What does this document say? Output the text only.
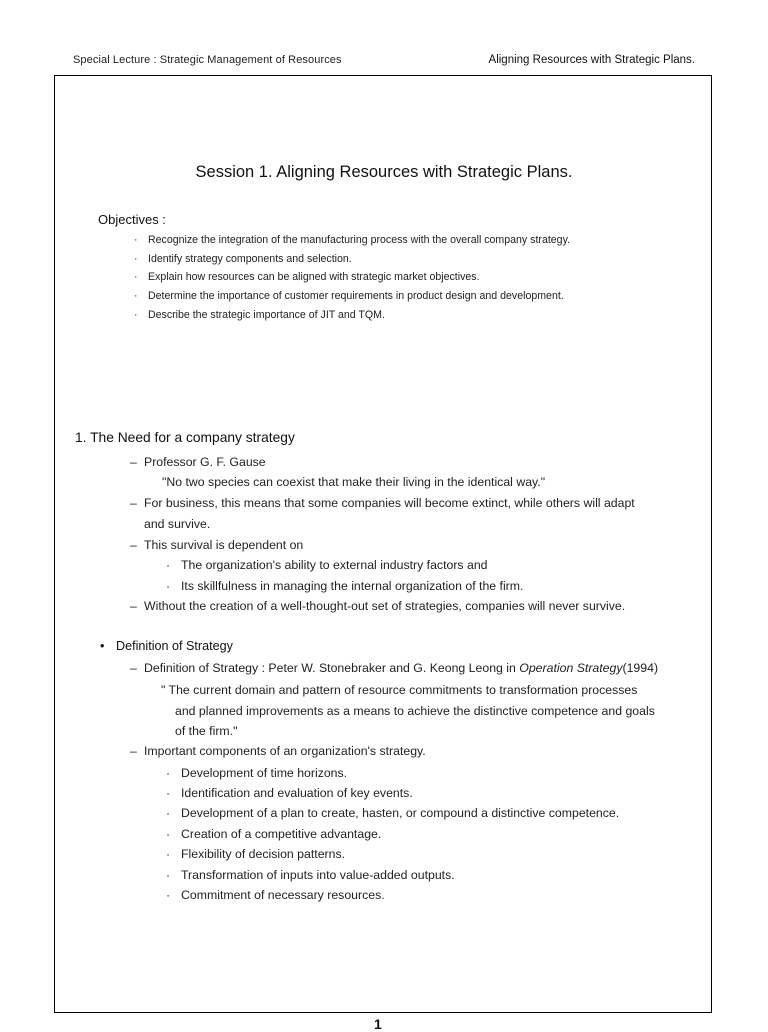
Special Lecture : Strategic Management of Resources	Aligning Resources with Strategic Plans.
Session 1. Aligning Resources with Strategic Plans.
Objectives :
· Recognize the integration of the manufacturing process with the overall company strategy.
· Identify strategy components and selection.
· Explain how resources can be aligned with strategic market objectives.
· Determine the importance of customer requirements in product design and development.
· Describe the strategic importance of JIT and TQM.
1. The Need for a company strategy
– Professor G. F. Gause
"No two species can coexist that make their living in the identical way."
– For business, this means that some companies will become extinct, while others will adapt
and survive.
– This survival is dependent on
· The organization's ability to external industry factors and
· Its skillfulness in managing the internal organization of the firm.
– Without the creation of a well-thought-out set of strategies, companies will never survive.
• Definition of Strategy
– Definition of Strategy : Peter W. Stonebraker and G. Keong Leong in Operation Strategy(1994)
" The current domain and pattern of resource commitments to transformation processes
and planned improvements as a means to achieve the distinctive competence and goals
of the firm."
– Important components of an organization's strategy.
· Development of time horizons.
· Identification and evaluation of key events.
· Development of a plan to create, hasten, or compound a distinctive competence.
· Creation of a competitive advantage.
· Flexibility of decision patterns.
· Transformation of inputs into value-added outputs.
· Commitment of necessary resources.
1
